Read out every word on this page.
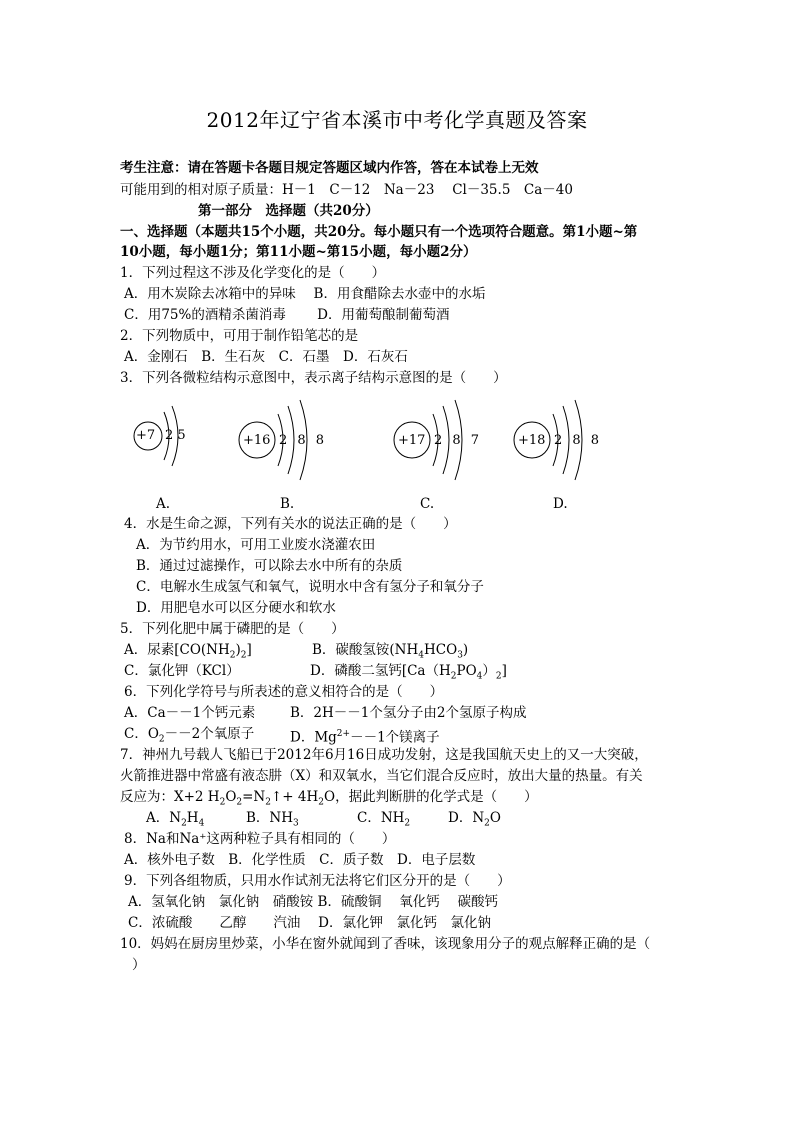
2012年辽宁省本溪市中考化学真题及答案
考生注意：请在答题卡各题目规定答题区域内作答，答在本试卷上无效
可能用到的相对原子质量：H－1　C－12　Na－23　 Cl－35.5　Ca－40
第一部分　选择题（共20分）
一、选择题（本题共15个小题，共20分。每小题只有一个选项符合题意。第1小题~第
10小题，每小题1分；第11小题~第15小题，每小题2分）
1．下列过程这不涉及化学变化的是（　　）
A．用木炭除去冰箱中的异味　 B．用食醋除去水壶中的水垢
C．用75%的酒精杀菌消毒　　 D．用葡萄酿制葡萄酒
2．下列物质中，可用于制作铅笔芯的是
A．金刚石　B．生石灰　C．石墨　D．石灰石
3．下列各微粒结构示意图中，表示离子结构示意图的是（　　）
+7 2 5	+16 2 8 8	+17 2 8 7	+18 2 8 8
A.	B.	C.	D.
4．水是生命之源，下列有关水的说法正确的是（　　）
A．为节约用水，可用工业废水浇灌农田
B．通过过滤操作，可以除去水中所有的杂质
C．电解水生成氢气和氧气，说明水中含有氢分子和氧分子
D．用肥皂水可以区分硬水和软水
5．下列化肥中属于磷肥的是（　　）
A．尿素$[CO(NH_2)_2]$	B．碳酸氢铵$(NH_4HCO_3)$
C．氯化钾（KCl）	D．磷酸二氢钙$[Ca(H_2PO_4)_2]$
6．下列化学符号与所表述的意义相符合的是（　　）
A．Ca－－1个钙元素	B．2H－－1个氢分子由2个氢原子构成
C．$O_2--2$个氧原子	D．$Mg^{2+}--1$个镁离子
7．神州九号载人飞船已于2012年6月16日成功发射，这是我国航天史上的又一大突破，
火箭推进器中常盛有液态肼（X）和双氧水，当它们混合反应时，放出大量的热量。有关
反应为：X+2 $H_2O_2=N_2↑+ 4H_2O$，据此判断肼的化学式是（　　）
A．$N_2H_4$	B．$NH_3$	C．$NH_2$	D．$N_2O$
8．Na和Na⁺这两种粒子具有相同的（　　）
A．核外电子数　B．化学性质　C．质子数　D．电子层数
9．下列各组物质，只用水作试剂无法将它们区分开的是（　　）
A．氢氧化钠　氯化钠　硝酸铵 B．硫酸铜　 氧化钙　 碳酸钙
C．浓硫酸　　乙醇　　汽油　 D．氯化钾　氯化钙　氯化钠
10．妈妈在厨房里炒菜，小华在窗外就闻到了香味，该现象用分子的观点解释正确的是（
）
